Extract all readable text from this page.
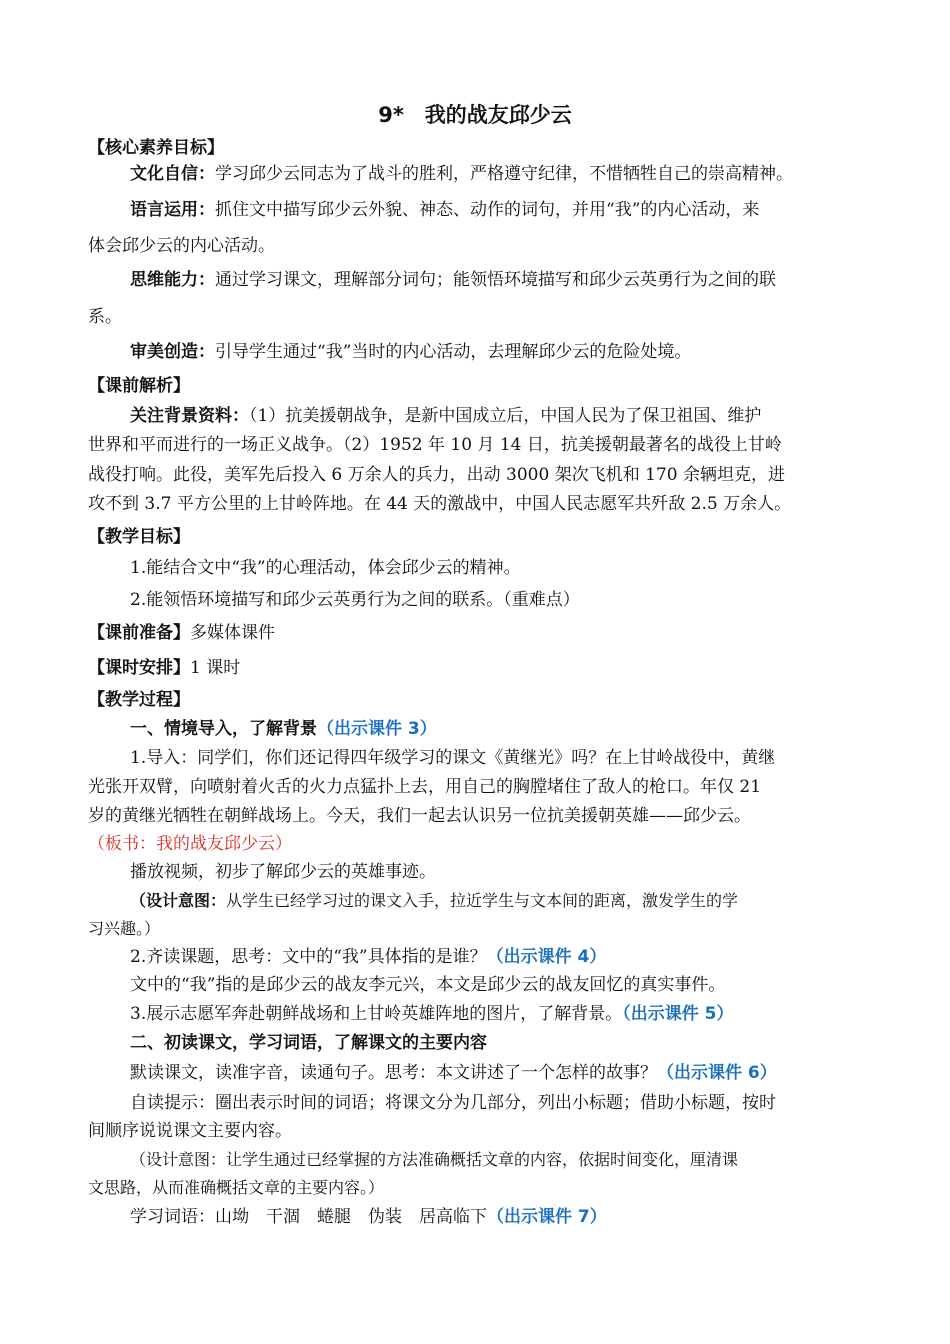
9*　我的战友邱少云
【核心素养目标】
文化自信：学习邱少云同志为了战斗的胜利，严格遵守纪律，不惜牺牲自己的崇高精神。
语言运用：抓住文中描写邱少云外貌、神态、动作的词句，并用“我”的内心活动，来
体会邱少云的内心活动。
思维能力：通过学习课文，理解部分词句；能领悟环境描写和邱少云英勇行为之间的联
系。
审美创造：引导学生通过“我”当时的内心活动，去理解邱少云的危险处境。
【课前解析】
关注背景资料：（1）抗美援朝战争，是新中国成立后，中国人民为了保卫祖国、维护
世界和平而进行的一场正义战争。（2）1952 年 10 月 14 日，抗美援朝最著名的战役上甘岭
战役打响。此役，美军先后投入 6 万余人的兵力，出动 3000 架次飞机和 170 余辆坦克，进
攻不到 3.7 平方公里的上甘岭阵地。在 44 天的激战中，中国人民志愿军共歼敌 2.5 万余人。
【教学目标】
1.能结合文中“我”的心理活动，体会邱少云的精神。
2.能领悟环境描写和邱少云英勇行为之间的联系。（重难点）
【课前准备】多媒体课件
【课时安排】1 课时
【教学过程】
一、情境导入，了解背景（出示课件 3）
1.导入：同学们，你们还记得四年级学习的课文《黄继光》吗？在上甘岭战役中，黄继
光张开双臂，向喷射着火舌的火力点猛扑上去，用自己的胸膛堵住了敌人的枪口。年仅 21
岁的黄继光牺牲在朝鲜战场上。今天，我们一起去认识另一位抗美援朝英雄——邱少云。
（板书：我的战友邱少云）
播放视频，初步了解邱少云的英雄事迹。
（设计意图：从学生已经学习过的课文入手，拉近学生与文本间的距离，激发学生的学
习兴趣。）
2.齐读课题，思考：文中的“我”具体指的是谁？（出示课件 4）
文中的“我”指的是邱少云的战友李元兴，本文是邱少云的战友回忆的真实事件。
3.展示志愿军奔赴朝鲜战场和上甘岭英雄阵地的图片，了解背景。（出示课件 5）
二、初读课文，学习词语，了解课文的主要内容
默读课文，读准字音，读通句子。思考：本文讲述了一个怎样的故事？（出示课件 6）
自读提示：圈出表示时间的词语；将课文分为几部分，列出小标题；借助小标题，按时
间顺序说说课文主要内容。
（设计意图：让学生通过已经掌握的方法准确概括文章的内容，依据时间变化，厘清课
文思路，从而准确概括文章的主要内容。）
学习词语：山坳　干涸　蜷腿　伪装　居高临下（出示课件 7）
